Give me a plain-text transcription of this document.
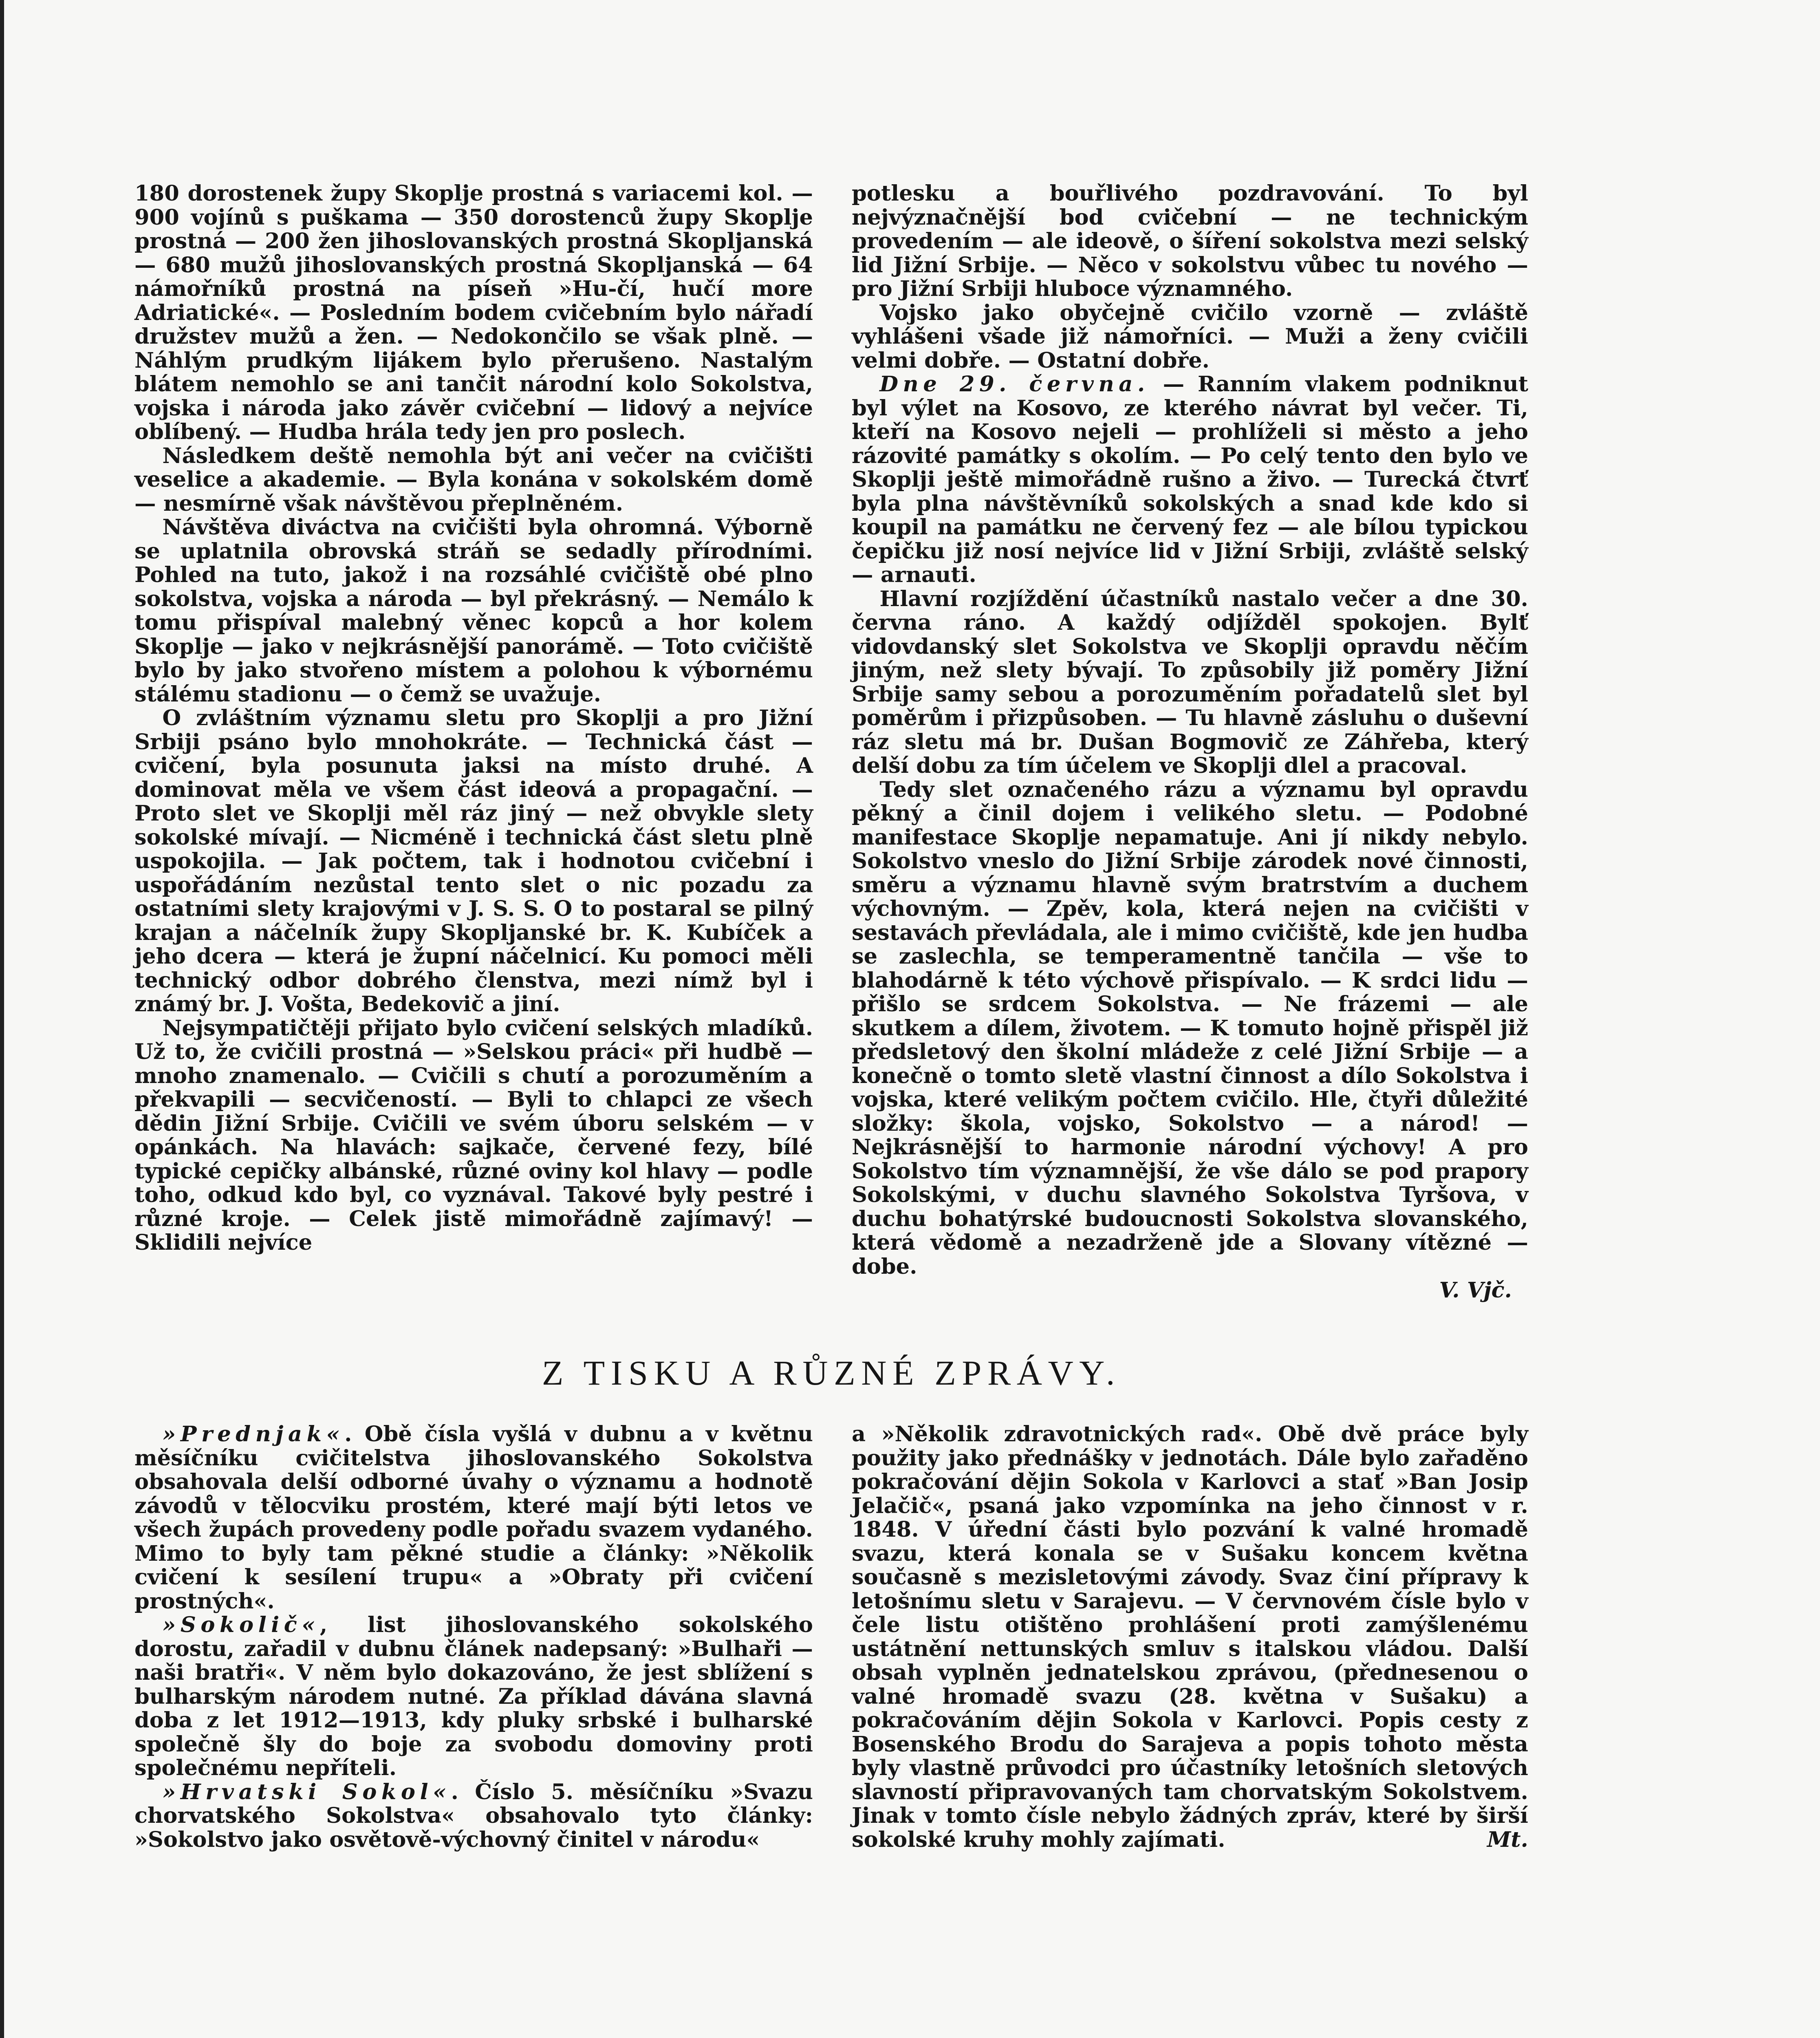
180 dorostenek župy Skoplje prostná s variacemi kol. — 900 vojínů s puškama — 350 dorostenců župy Skoplje prostná — 200 žen jihoslovanských prostná Skopljanská — 680 mužů jihoslovanských prostná Skopljanská — 64 námořníků prostná na píseň »Hu-čí, hučí more Adriatické«. — Posledním bodem cvičebním bylo nářadí družstev mužů a žen. — Nedokončilo se však plně. — Náhlým prudkým lijákem bylo přerušeno. Nastalým blátem nemohlo se ani tančit národní kolo Sokolstva, vojska i národa jako závěr cvičební — lidový a nejvíce oblíbený. — Hudba hrála tedy jen pro poslech.

Následkem deště nemohla být ani večer na cvičišti veselice a akademie. — Byla konána v sokolském domě — nesmírně však návštěvou přeplněném.

Návštěva diváctva na cvičišti byla ohromná. Výborně se uplatnila obrovská stráň se sedadly přírodními. Pohled na tuto, jakož i na rozsáhlé cvičiště obé plno sokolstva, vojska a národa — byl překrásný. — Nemálo k tomu přispíval malebný věnec kopců a hor kolem Skoplje — jako v nejkrásnější panorámě. — Toto cvičiště bylo by jako stvořeno místem a polohou k výbornému stálému stadionu — o čemž se uvažuje.

O zvláštním významu sletu pro Skoplji a pro Jižní Srbiji psáno bylo mnohokráte. — Technická část — cvičení, byla posunuta jaksi na místo druhé. A dominovat měla ve všem část ideová a propagační. — Proto slet ve Skoplji měl ráz jiný — než obvykle slety sokolské mívají. — Nicméně i technická část sletu plně uspokojila. — Jak počtem, tak i hodnotou cvičební i uspořádáním nezůstal tento slet o nic pozadu za ostatními slety krajovými v J. S. S. O to postaral se pilný krajan a náčelník župy Skopljanské br. K. Kubíček a jeho dcera — která je župní náčelnicí. Ku pomoci měli technický odbor dobrého členstva, mezi nímž byl i známý br. J. Vošta, Bedekovič a jiní.

Nejsympatičtěji přijato bylo cvičení selských mladíků. Už to, že cvičili prostná — »Selskou práci« při hudbě — mnoho znamenalo. — Cvičili s chutí a porozuměním a překvapili — secvičeností. — Byli to chlapci ze všech dědin Jižní Srbije. Cvičili ve svém úboru selském — v opánkách. Na hlavách: sajkače, červené fezy, bílé typické cepičky albánské, různé oviny kol hlavy — podle toho, odkud kdo byl, co vyznával. Takové byly pestré i různé kroje. — Celek jistě mimořádně zajímavý! — Sklidili nejvíce

potlesku a bouřlivého pozdravování. To byl nejvýznačnější bod cvičební — ne technickým provedením — ale ideově, o šíření sokolstva mezi selský lid Jižní Srbije. — Něco v sokolstvu vůbec tu nového — pro Jižní Srbiji hluboce významného.

Vojsko jako obyčejně cvičilo vzorně — zvláště vyhlášeni všade již námořníci. — Muži a ženy cvičili velmi dobře. — Ostatní dobře.

Dne 29. června. — Ranním vlakem podniknut byl výlet na Kosovo, ze kterého návrat byl večer. Ti, kteří na Kosovo nejeli — prohlíželi si město a jeho rázovité památky s okolím. — Po celý tento den bylo ve Skoplji ještě mimořádně rušno a živo. — Turecká čtvrť byla plna návštěvníků sokolských a snad kde kdo si koupil na památku ne červený fez — ale bílou typickou čepičku již nosí nejvíce lid v Jižní Srbiji, zvláště selský — arnauti.

Hlavní rozjíždění účastníků nastalo večer a dne 30. června ráno. A každý odjížděl spokojen. Bylť vidovdanský slet Sokolstva ve Skoplji opravdu něčím jiným, než slety bývají. To způsobily již poměry Jižní Srbije samy sebou a porozuměním pořadatelů slet byl poměrům i přizpůsoben. — Tu hlavně zásluhu o duševní ráz sletu má br. Dušan Bogmovič ze Záhřeba, který delší dobu za tím účelem ve Skoplji dlel a pracoval.

Tedy slet označeného rázu a významu byl opravdu pěkný a činil dojem i velikého sletu. — Podobné manifestace Skoplje nepamatuje. Ani jí nikdy nebylo. Sokolstvo vneslo do Jižní Srbije zárodek nové činnosti, směru a významu hlavně svým bratrstvím a duchem výchovným. — Zpěv, kola, která nejen na cvičišti v sestavách převládala, ale i mimo cvičiště, kde jen hudba se zaslechla, se temperamentně tančila — vše to blahodárně k této výchově přispívalo. — K srdci lidu — přišlo se srdcem Sokolstva. — Ne frázemi — ale skutkem a dílem, životem. — K tomuto hojně přispěl již předsletový den školní mládeže z celé Jižní Srbije — a konečně o tomto sletě vlastní činnost a dílo Sokolstva i vojska, které velikým počtem cvičilo. Hle, čtyři důležité složky: škola, vojsko, Sokolstvo — a národ! — Nejkrásnější to harmonie národní výchovy! A pro Sokolstvo tím významnější, že vše dálo se pod prapory Sokolskými, v duchu slavného Sokolstva Tyršova, v duchu bohatýrské budoucnosti Sokolstva slovanského, která vědomě a nezadrženě jde a Slovany vítězné — dobe.

V. Vjč.

Z TISKU A RŮZNÉ ZPRÁVY.

»Prednjak«. Obě čísla vyšlá v dubnu a v květnu měsíčníku cvičitelstva jihoslovanského Sokolstva obsahovala delší odborné úvahy o významu a hodnotě závodů v tělocviku prostém, které mají býti letos ve všech župách provedeny podle pořadu svazem vydaného. Mimo to byly tam pěkné studie a články: »Několik cvičení k sesílení trupu« a »Obraty při cvičení prostných«.

»Sokolič«, list jihoslovanského sokolského dorostu, zařadil v dubnu článek nadepsaný: »Bulhaři — naši bratři«. V něm bylo dokazováno, že jest sblížení s bulharským národem nutné. Za příklad dávána slavná doba z let 1912—1913, kdy pluky srbské i bulharské společně šly do boje za svobodu domoviny proti společnému nepříteli.

»Hrvatski Sokol«. Číslo 5. měsíčníku »Svazu chorvatského Sokolstva« obsahovalo tyto články: »Sokolstvo jako osvětově-výchovný činitel v národu«

a »Několik zdravotnických rad«. Obě dvě práce byly použity jako přednášky v jednotách. Dále bylo zařaděno pokračování dějin Sokola v Karlovci a stať »Ban Josip Jelačič«, psaná jako vzpomínka na jeho činnost v r. 1848. V úřední části bylo pozvání k valné hromadě svazu, která konala se v Sušaku koncem května současně s mezisletovými závody. Svaz činí přípravy k letošnímu sletu v Sarajevu. — V červnovém čísle bylo v čele listu otištěno prohlášení proti zamýšlenému ustátnění nettunských smluv s italskou vládou. Další obsah vyplněn jednatelskou zprávou, (přednesenou o valné hromadě svazu (28. května v Sušaku) a pokračováním dějin Sokola v Karlovci. Popis cesty z Bosenského Brodu do Sarajeva a popis tohoto města byly vlastně průvodci pro účastníky letošních sletových slavností připravovaných tam chorvatským Sokolstvem. Jinak v tomto čísle nebylo žádných zpráv, které by širší sokolské kruhy mohly zajímati.	Mt.
